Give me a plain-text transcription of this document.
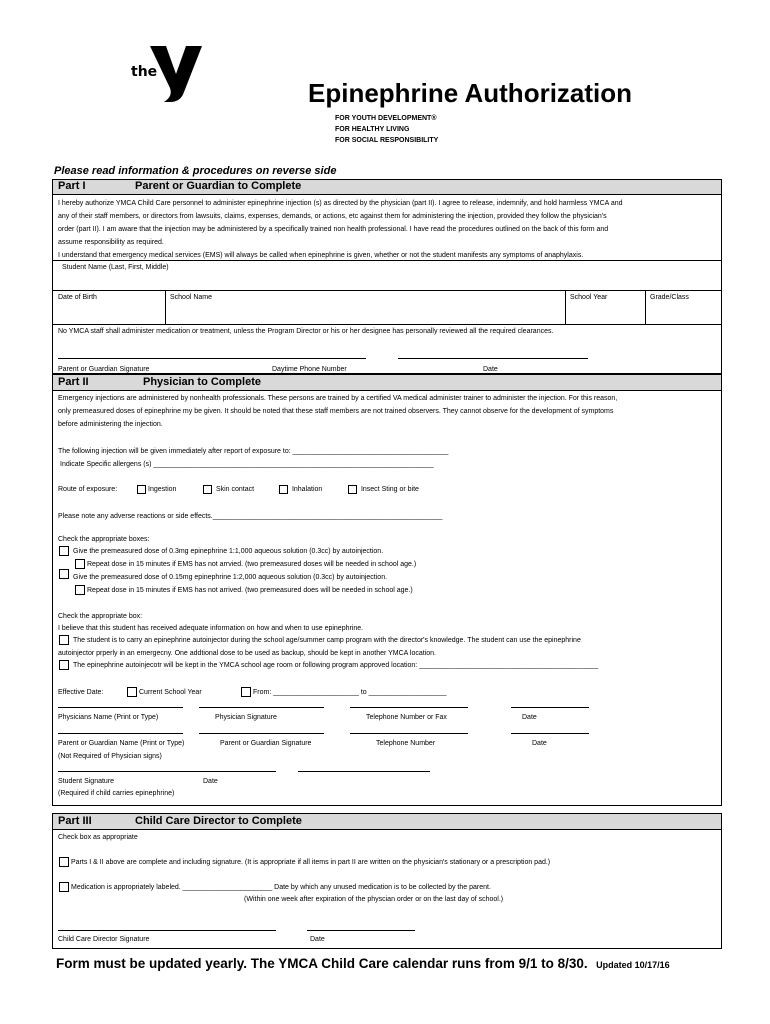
YMCA
the
Epinephrine Authorization
FOR YOUTH DEVELOPMENT®
FOR HEALTHY LIVING
FOR SOCIAL RESPONSIBILITY
Please read information & procedures on reverse side
Part I	Parent or Guardian to Complete
I hereby authorize YMCA Child Care personnel to administer epinephrine injection (s) as directed by the physician (part II). I agree to release, indemnify, and hold harmless YMCA and
any of their staff members, or directors from lawsuits, claims, expenses, demands, or actions, etc against them for administering the injection, provided they follow the physician's
order (part II). I am aware that the injection may be administered by a specifically trained non health professional. I have read the procedures outlined on the back of this form and
assume responsibility as required.
I understand that emergency medical services (EMS) will always be called when epinephrine is given, whether or not the student manifests any symptoms of anaphylaxis.
Student Name (Last, First, Middle)
Date of Birth	School Name	School Year	Grade/Class
No YMCA staff shall administer medication or treatment, unless the Program Director or his or her designee has personally reviewed all the required clearances.
Parent or Guardian Signature	Daytime Phone Number	Date
Part II	Physician to Complete
Emergency injections are administered by nonhealth professionals. These persons are trained by a certified VA medical administer trainer to administer the injection. For this reason,
only premeasured doses of epinephrine my be given. It should be noted that these staff members are not trained observers. They cannot observe for the development of symptoms
before administering the injection.
The following injection will be given immediately after report of exposure to: ________________________________________
Indicate Specific allergens (s) ________________________________________________________________________
Route of exposure:	Ingestion	Skin contact	Inhalation	Insect Sting or bite
Please note any adverse reactions or side effects.___________________________________________________________
Check the appropriate boxes:
Give the premeasured dose of 0.3mg epinephrine 1:1,000 aqueous solution (0.3cc) by autoinjection.
Repeat dose in 15 minutes if EMS has not arrvied. (two premeasured doses will be needed in school age.)
Give the premeasured dose of 0.15mg epinephrine 1:2,000 aqueous solution (0.3cc) by autoinjection.
Repeat dose in 15 minutes if EMS has not arrived. (two premeasured does will be needed in school age.)
Check the appropriate box:
I believe that this student has received adequate information on how and when to use epinephrine.
The student is to carry an epinephrine autoinjector during the school age/summer camp program with the director's knowledge. The student can use the epinephrine
autoinjector prperly in an emergecny. One addtional dose to be used as backup, should be kept in another YMCA location.
The epinephrine autoinjecotr will be kept in the YMCA school age room or following program approved location: ______________________________________________
Effective Date:	Current School Year	From: ______________________ to ____________________
Physicians Name (Print or Type)	Physician Signature	Telephone Number or Fax	Date
Parent or Guardian Name (Print or Type)	Parent or Guardian Signature	Telephone Number	Date
(Not Required of Physician signs)
Student Signature	Date
(Required if child carries epinephrine)
Part III	Child Care Director to Complete
Check box as appropriate
Parts I & II above are complete and including signature. (It is appropriate if all items in part II are written on the physician's stationary or a prescription pad.)
Medication is appropriately labeled. _______________________ Date by which any unused medication is to be collected by the parent.
(Within one week after expiration of the physcian order or on the last day of school.)
Child Care Director Signature	Date
Form must be updated yearly. The YMCA Child Care calendar runs from 9/1 to 8/30. Updated 10/17/16
